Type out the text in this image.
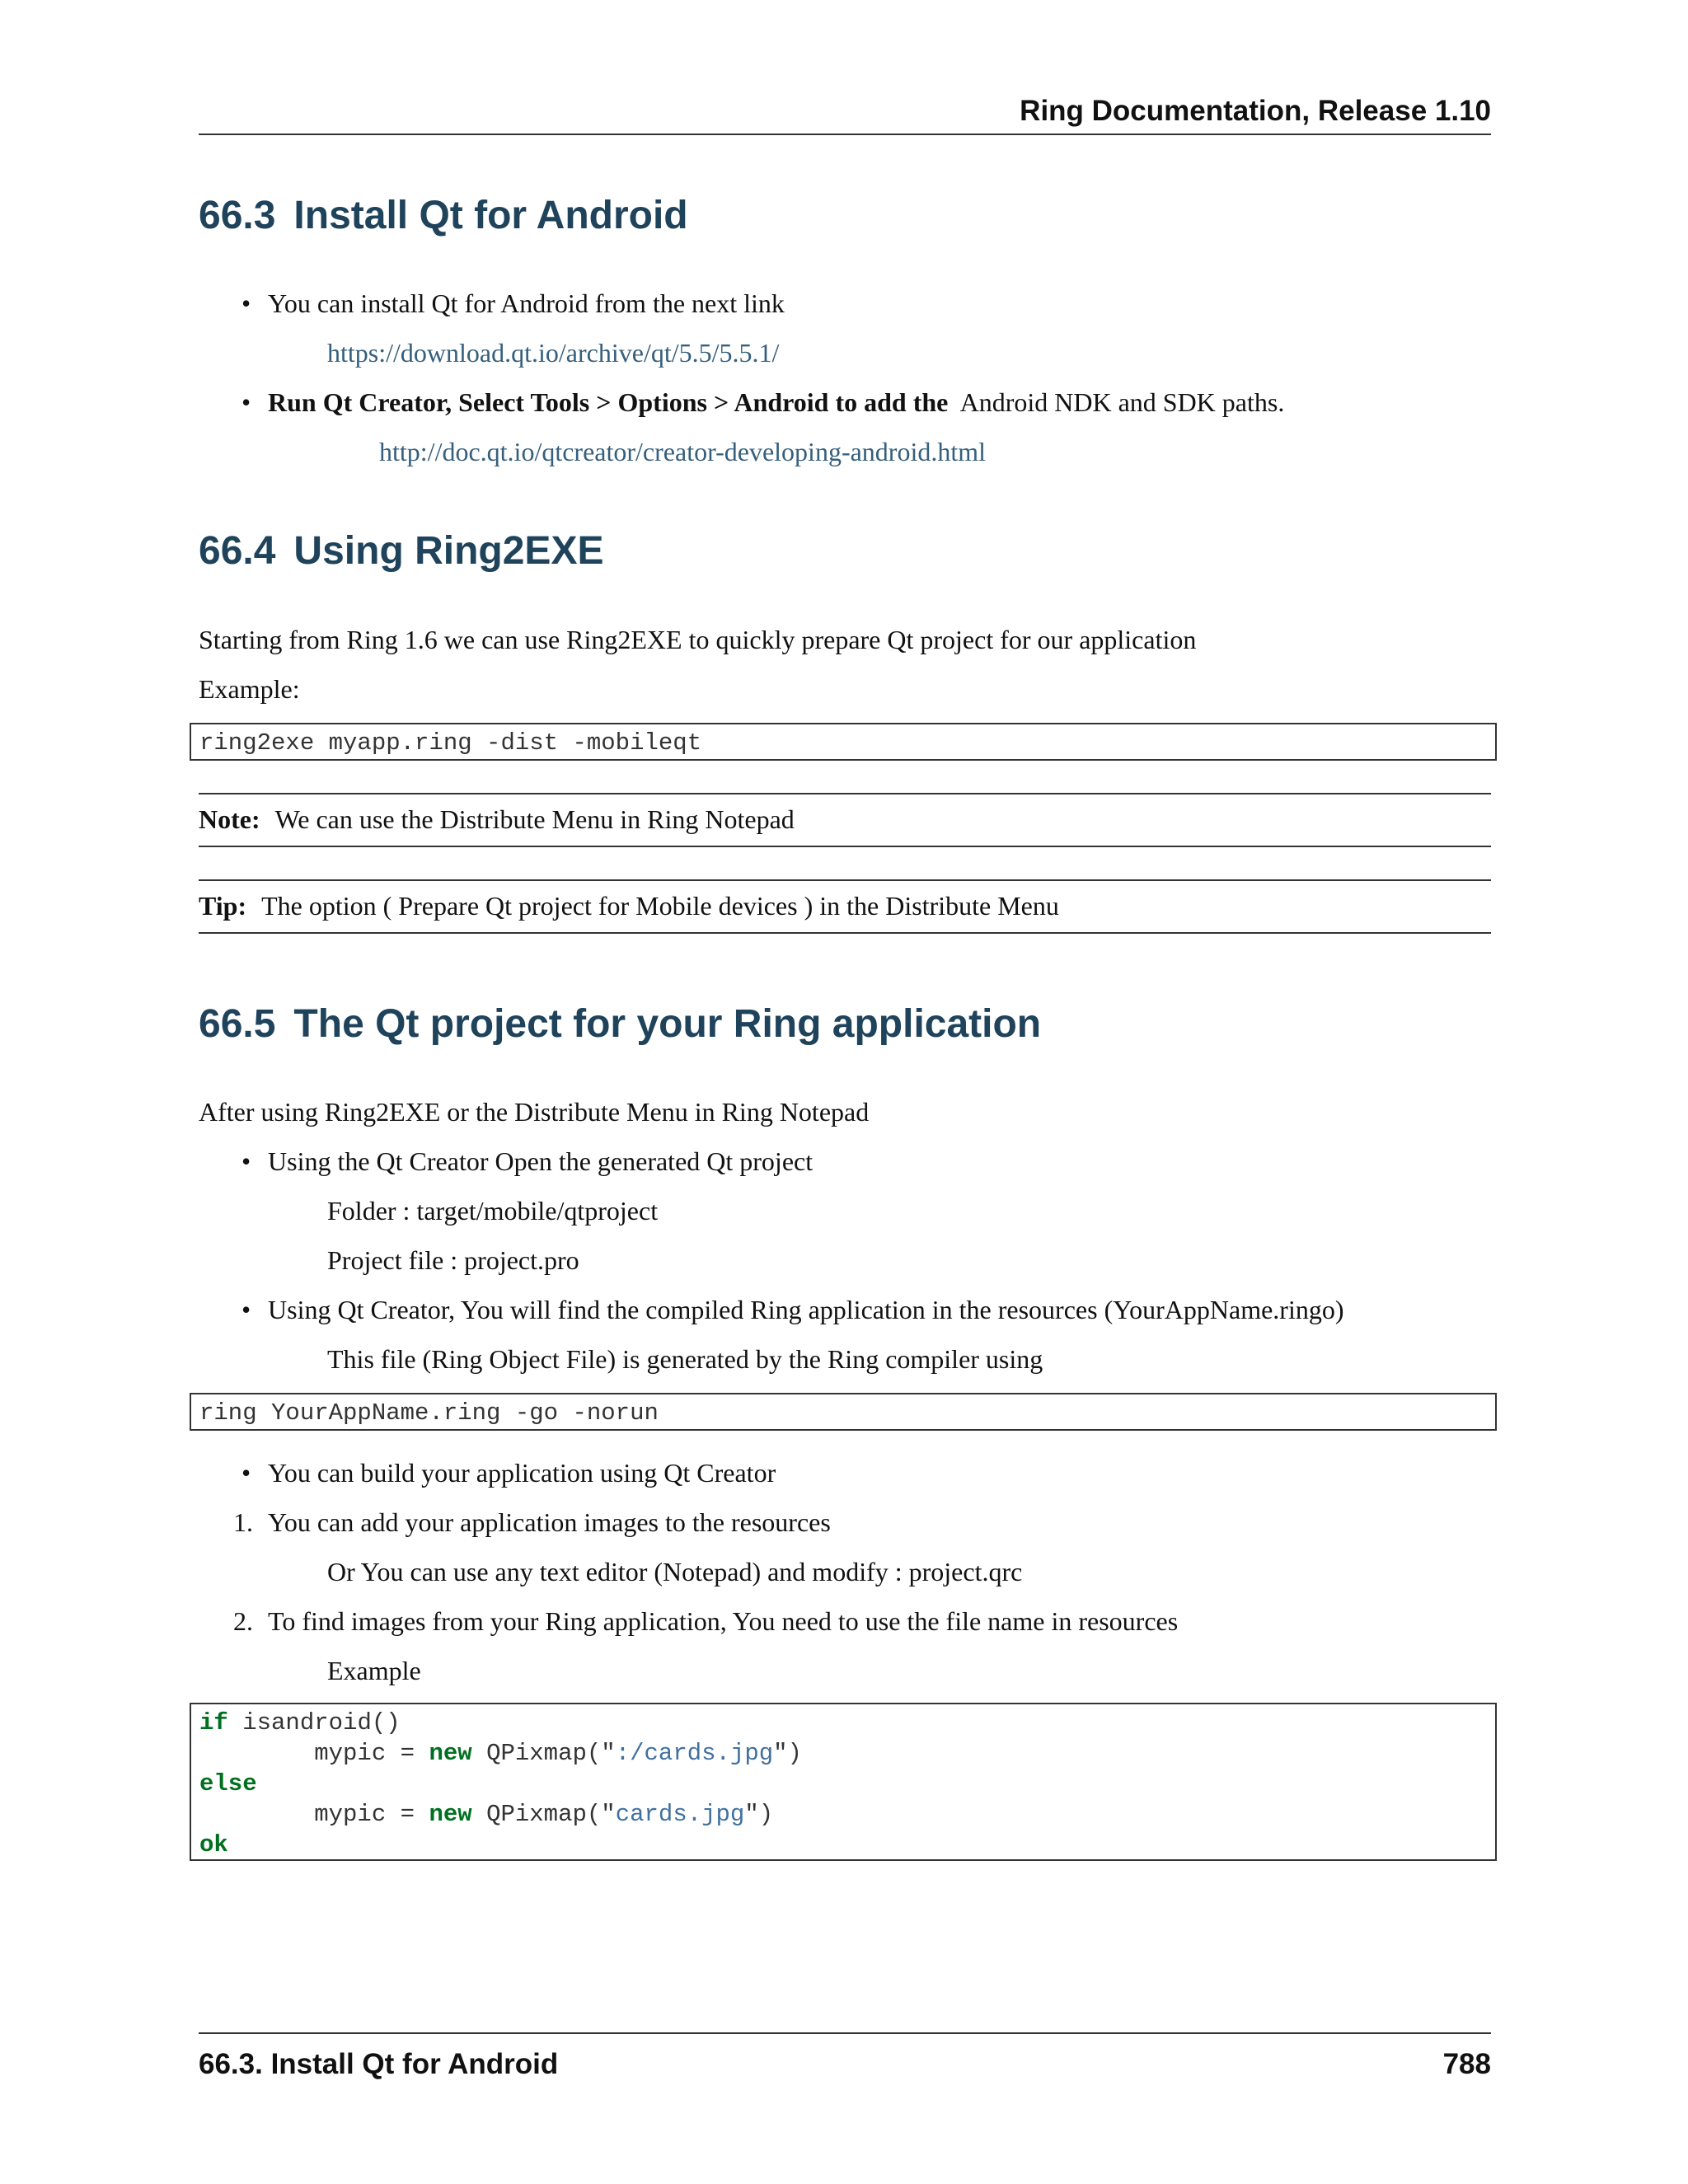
Ring Documentation, Release 1.10
66.3 Install Qt for Android
• You can install Qt for Android from the next link

https://download.qt.io/archive/qt/5.5/5.5.1/

• Run Qt Creator, Select Tools > Options > Android to add the Android NDK and SDK paths.

http://doc.qt.io/qtcreator/creator-developing-android.html

66.4 Using Ring2EXE

Starting from Ring 1.6 we can use Ring2EXE to quickly prepare Qt project for our application

Example:

ring2exe myapp.ring -dist -mobileqt
Note: We can use the Distribute Menu in Ring Notepad
Tip: The option ( Prepare Qt project for Mobile devices ) in the Distribute Menu
66.5 The Qt project for your Ring application

After using Ring2EXE or the Distribute Menu in Ring Notepad

• Using the Qt Creator Open the generated Qt project

Folder : target/mobile/qtproject

Project file : project.pro

• Using Qt Creator, You will find the compiled Ring application in the resources (YourAppName.ringo)

This file (Ring Object File) is generated by the Ring compiler using

ring YourAppName.ring -go -norun
• You can build your application using Qt Creator

1. You can add your application images to the resources

Or You can use any text editor (Notepad) and modify : project.qrc

2. To find images from your Ring application, You need to use the file name in resources

Example

if isandroid()
mypic = new QPixmap(":/cards.jpg")
else
mypic = new QPixmap("cards.jpg")
ok
66.3. Install Qt for Android	788
